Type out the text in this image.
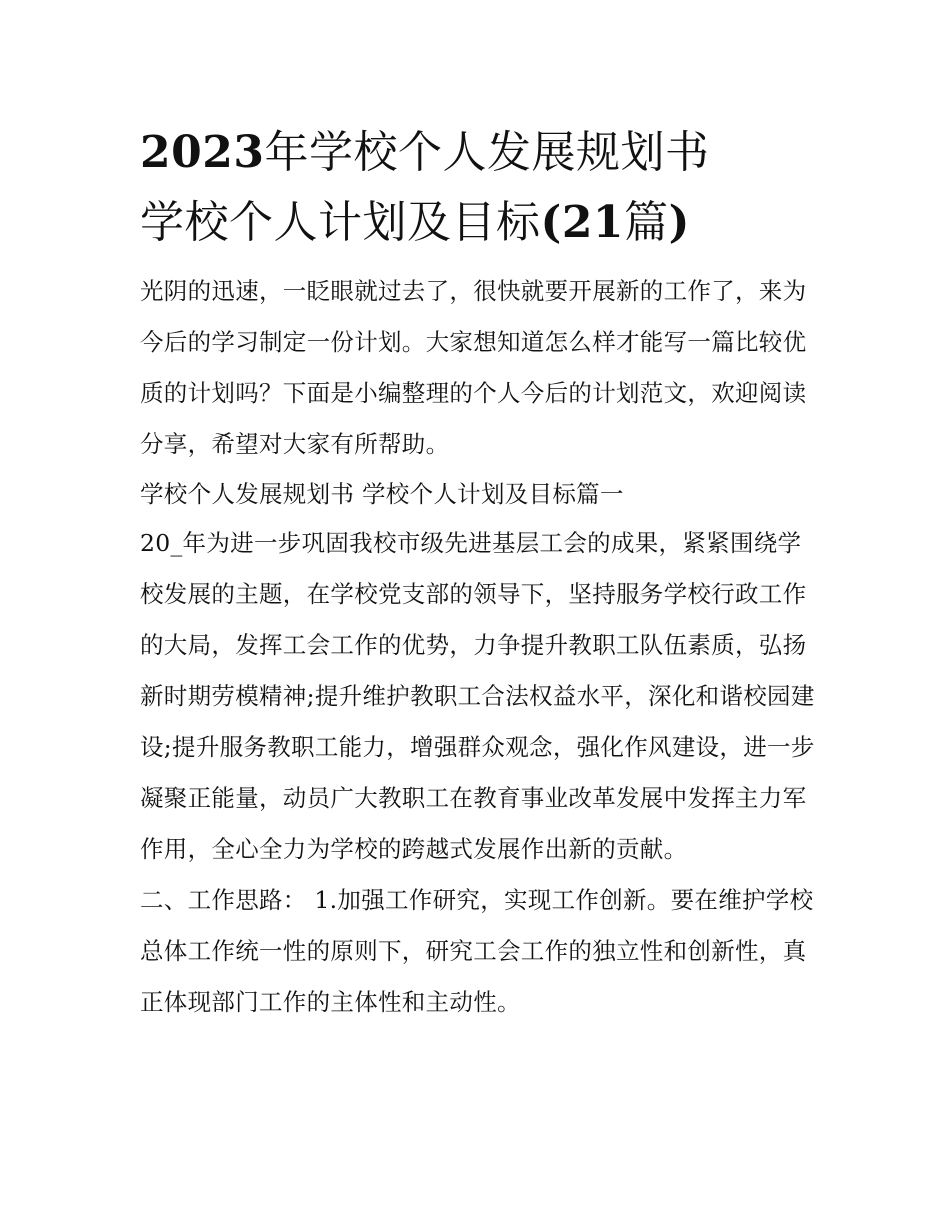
2023年学校个人发展规划书
学校个人计划及目标(21篇)

光阴的迅速，一眨眼就过去了，很快就要开展新的工作了，来为今后的学习制定一份计划。大家想知道怎么样才能写一篇比较优质的计划吗？下面是小编整理的个人今后的计划范文，欢迎阅读分享，希望对大家有所帮助。

学校个人发展规划书 学校个人计划及目标篇一

20_年为进一步巩固我校市级先进基层工会的成果，紧紧围绕学校发展的主题，在学校党支部的领导下，坚持服务学校行政工作的大局，发挥工会工作的优势，力争提升教职工队伍素质，弘扬新时期劳模精神;提升维护教职工合法权益水平，深化和谐校园建设;提升服务教职工能力，增强群众观念，强化作风建设，进一步凝聚正能量，动员广大教职工在教育事业改革发展中发挥主力军作用，全心全力为学校的跨越式发展作出新的贡献。

二、工作思路： 1.加强工作研究，实现工作创新。要在维护学校总体工作统一性的原则下，研究工会工作的独立性和创新性，真正体现部门工作的主体性和主动性。
